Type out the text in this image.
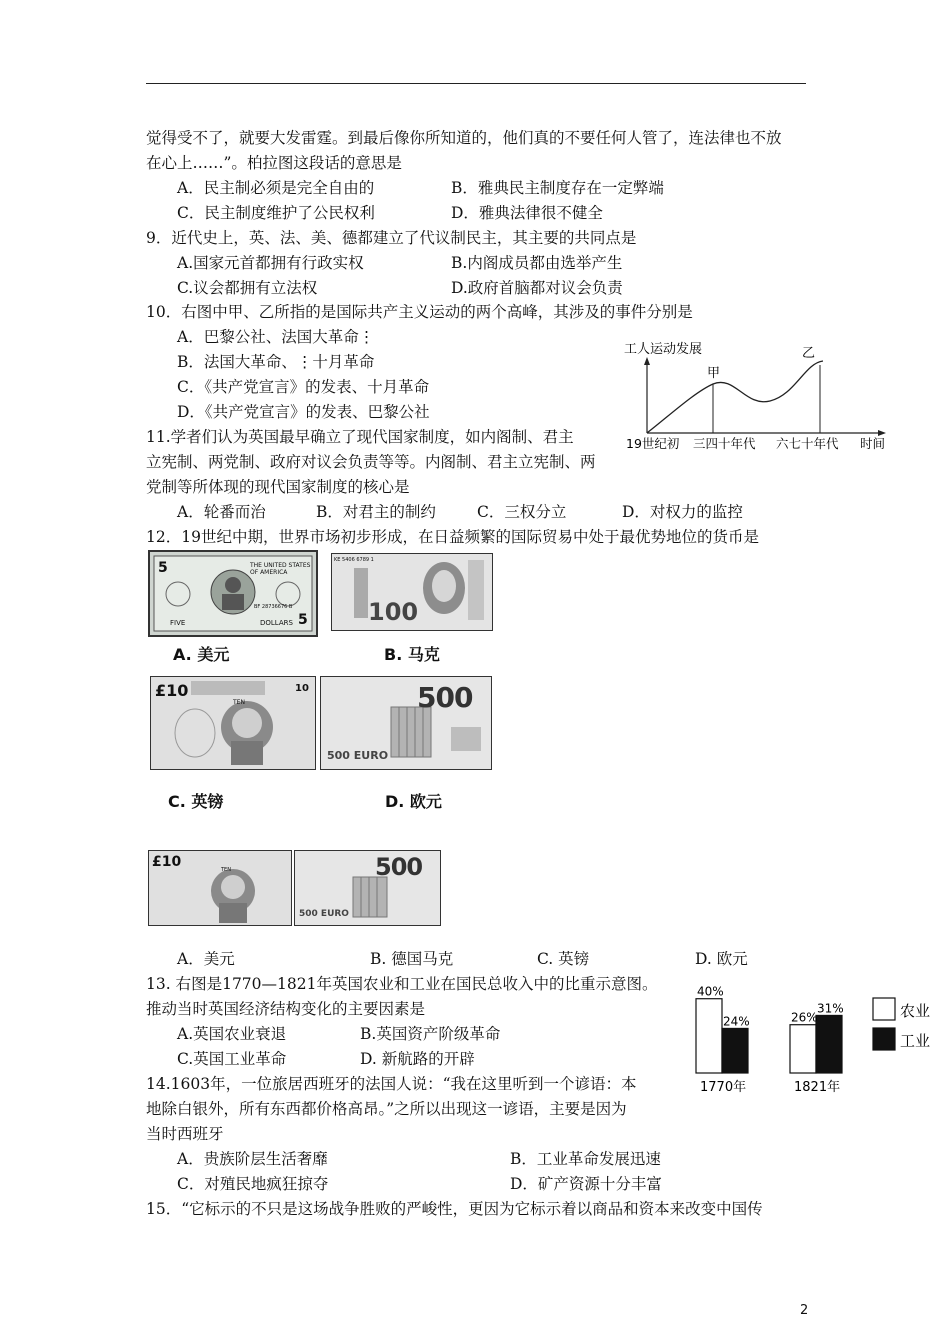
觉得受不了，就要大发雷霆。到最后像你所知道的，他们真的不要任何人管了，连法律也不放
在心上……”。柏拉图这段话的意思是
A．民主制必须是完全自由的	B．雅典民主制度存在一定弊端
C．民主制度维护了公民权利	D．雅典法律很不健全
9．近代史上，英、法、美、德都建立了代议制民主，其主要的共同点是
A.国家元首都拥有行政实权	B.内阁成员都由选举产生
C.议会都拥有立法权	D.政府首脑都对议会负责
10．右图中甲、乙所指的是国际共产主义运动的两个高峰，其涉及的事件分别是
A．巴黎公社、法国大革命⋮
B．法国大革命、⋮十月革命
C．《共产党宣言》的发表、十月革命
D．《共产党宣言》的发表、巴黎公社
11.学者们认为英国最早确立了现代国家制度，如内阁制、君主
立宪制、两党制、政府对议会负责等等。内阁制、君主立宪制、两
党制等所体现的现代国家制度的核心是
A．轮番而治	B．对君主的制约	C．三权分立	D．对权力的监控
12．19世纪中期，世界市场初步形成，在日益频繁的国际贸易中处于最优势地位的货币是
工人运动发展
甲
乙
19世纪初 三四十年代 六七十年代 时间
THE UNITED STATES OF AMERICA
5
5
FIVE	DOLLARS
BF 28736676 B	100
KE 5406 6789 1
A. 美元	B. 马克
£10
TEN
10	500
500 EURO
C. 英镑	D. 欧元
£10	TEN	500
500 EURO
A．美元	B. 德国马克	C. 英镑	D. 欧元
13. 右图是1770—1821年英国农业和工业在国民总收入中的比重示意图。
推动当时英国经济结构变化的主要因素是
A.英国农业衰退	B.英国资产阶级革命
C.英国工业革命	D. 新航路的开辟
40%
24%	26%
31%
1770年	1821年
农业
工业
14.1603年，一位旅居西班牙的法国人说：“我在这里听到一个谚语：本
地除白银外，所有东西都价格高昂。”之所以出现这一谚语，主要是因为
当时西班牙
A．贵族阶层生活奢靡	B．工业革命发展迅速
C．对殖民地疯狂掠夺	D．矿产资源十分丰富
15．“它标示的不只是这场战争胜败的严峻性，更因为它标示着以商品和资本来改变中国传
2
